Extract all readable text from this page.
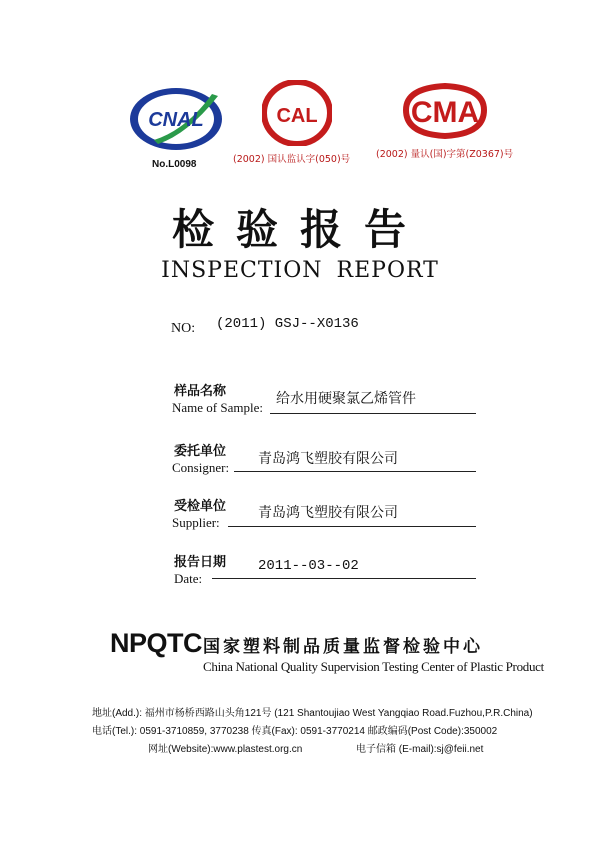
CNAL
No.L0098
CAL
(2002) 国认监认字(050)号
CMA
(2002) 量认(国)字第(Z0367)号
检验报告
INSPECTION REPORT
NO: (2011) GSJ--X0136
样品名称
Name of Sample:
给水用硬聚氯乙烯管件
委托单位
Consigner:
青岛鸿飞塑胶有限公司
受检单位
Supplier:
青岛鸿飞塑胶有限公司
报告日期
Date:
2011--03--02
NPQTC 国家塑料制品质量监督检验中心
China National Quality Supervision Testing Center of Plastic Product
地址(Add.): 福州市杨桥西路山头角121号 (121 Shantoujiao West Yangqiao Road.Fuzhou,P.R.China)
电话(Tel.): 0591-3710859, 3770238 传真(Fax): 0591-3770214 邮政编码(Post Code):350002
网址(Website):www.plastest.org.cn	电子信箱 (E-mail):sj@feii.net
